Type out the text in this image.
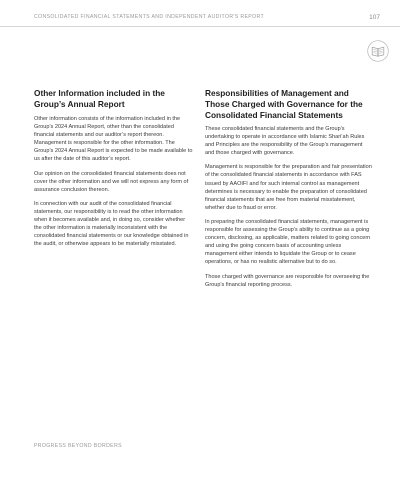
CONSOLIDATED FINANCIAL STATEMENTS AND INDEPENDENT AUDITOR'S REPORT	107
Other Information included in the Group’s Annual Report

Other information consists of the information included in the Group’s 2024 Annual Report, other than the consolidated financial statements and our auditor’s report thereon. Management is responsible for the other information. The Group’s 2024 Annual Report is expected to be made available to us after the date of this auditor’s report.

Our opinion on the consolidated financial statements does not cover the other information and we will not express any form of assurance conclusion thereon.

In connection with our audit of the consolidated financial statements, our responsibility is to read the other information when it becomes available and, in doing so, consider whether the other information is materially inconsistent with the consolidated financial statements or our knowledge obtained in the audit, or otherwise appears to be materially misstated.

Responsibilities of Management and Those Charged with Governance for the Consolidated Financial Statements

These consolidated financial statements and the Group’s undertaking to operate in accordance with Islamic Shari’ah Rules and Principles are the responsibility of the Group’s management and those charged with governance.

Management is responsible for the preparation and fair presentation of the consolidated financial statements in accordance with FAS issued by AAOIFI and for such internal control as management determines is necessary to enable the preparation of consolidated financial statements that are free from material misstatement, whether due to fraud or error.

In preparing the consolidated financial statements, management is responsible for assessing the Group’s ability to continue as a going concern, disclosing, as applicable, matters related to going concern and using the going concern basis of accounting unless management either intends to liquidate the Group or to cease operations, or has no realistic alternative but to do so.

Those charged with governance are responsible for overseeing the Group’s financial reporting process.

PROGRESS BEYOND BORDERS
